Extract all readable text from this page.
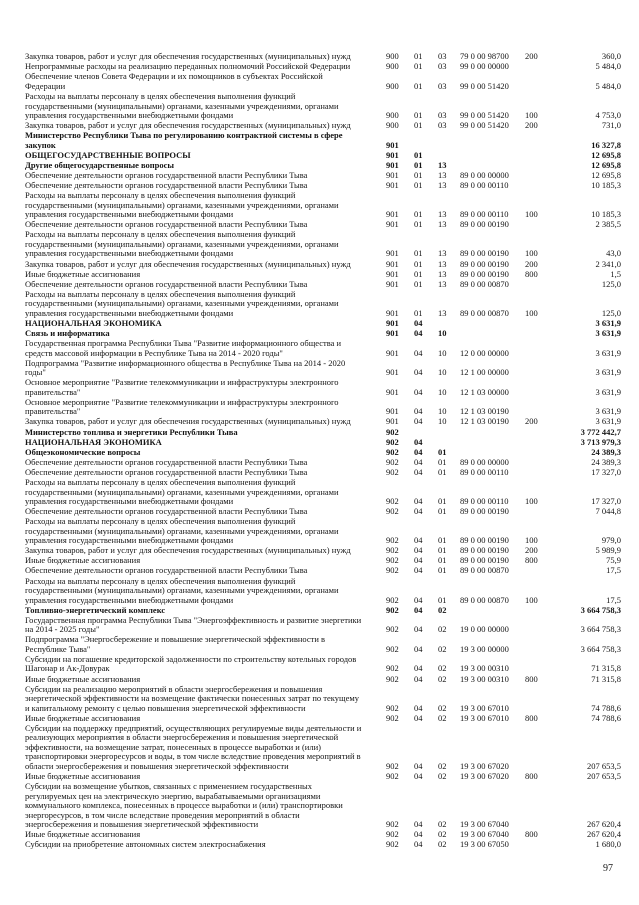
Закупка товаров, работ и услуг для обеспечения государственных (муниципальных) нужд	900	01	03	79 0 00 98700	200	360,0
Непрограммные расходы на реализацию переданных полномочий Российской Федерации	900	01	03	99 0 00 00000		5 484,0
Обеспечение членов Совета Федерации и их помощников в субъектах Российской
Федерации	900	01	03	99 0 00 51420		5 484,0
Расходы на выплаты персоналу в целях обеспечения выполнения функций
государственными (муниципальными) органами, казенными учреждениями, органами
управления государственными внебюджетными фондами	900	01	03	99 0 00 51420	100	4 753,0
Закупка товаров, работ и услуг для обеспечения государственных (муниципальных) нужд	900	01	03	99 0 00 51420	200	731,0
Министерство Республики Тыва по регулированию контрактной системы в сфере
закупок	901					16 327,8
ОБЩЕГОСУДАРСТВЕННЫЕ ВОПРОСЫ	901	01				12 695,8
Другие общегосударственные вопросы	901	01	13			12 695,8
Обеспечение деятельности органов государственной власти Республики Тыва	901	01	13	89 0 00 00000		12 695,8
Обеспечение деятельности органов государственной власти Республики Тыва	901	01	13	89 0 00 00110		10 185,3
Расходы на выплаты персоналу в целях обеспечения выполнения функций
государственными (муниципальными) органами, казенными учреждениями, органами
управления государственными внебюджетными фондами	901	01	13	89 0 00 00110	100	10 185,3
Обеспечение деятельности органов государственной власти Республики Тыва	901	01	13	89 0 00 00190		2 385,5
Расходы на выплаты персоналу в целях обеспечения выполнения функций
государственными (муниципальными) органами, казенными учреждениями, органами
управления государственными внебюджетными фондами	901	01	13	89 0 00 00190	100	43,0
Закупка товаров, работ и услуг для обеспечения государственных (муниципальных) нужд	901	01	13	89 0 00 00190	200	2 341,0
Иные бюджетные ассигнования	901	01	13	89 0 00 00190	800	1,5
Обеспечение деятельности органов государственной власти Республики Тыва	901	01	13	89 0 00 00870		125,0
Расходы на выплаты персоналу в целях обеспечения выполнения функций
государственными (муниципальными) органами, казенными учреждениями, органами
управления государственными внебюджетными фондами	901	01	13	89 0 00 00870	100	125,0
НАЦИОНАЛЬНАЯ ЭКОНОМИКА	901	04				3 631,9
Связь и информатика	901	04	10			3 631,9
Государственная программа Республики Тыва "Развитие информационного общества и
средств массовой информации в Республике Тыва на 2014 - 2020 годы"	901	04	10	12 0 00 00000		3 631,9
Подпрограмма "Развитие информационного общества в Республике Тыва на 2014 - 2020
годы"	901	04	10	12 1 00 00000		3 631,9
Основное мероприятие "Развитие телекоммуникации и инфраструктуры электронного
правительства"	901	04	10	12 1 03 00000		3 631,9
Основное мероприятие "Развитие телекоммуникации и инфраструктуры электронного
правительства"	901	04	10	12 1 03 00190		3 631,9
Закупка товаров, работ и услуг для обеспечения государственных (муниципальных) нужд	901	04	10	12 1 03 00190	200	3 631,9
Министерство топлива и энергетики Республики Тыва	902					3 772 442,7
НАЦИОНАЛЬНАЯ ЭКОНОМИКА	902	04				3 713 979,3
Общеэкономические вопросы	902	04	01			24 389,3
Обеспечение деятельности органов государственной власти Республики Тыва	902	04	01	89 0 00 00000		24 389,3
Обеспечение деятельности органов государственной власти Республики Тыва	902	04	01	89 0 00 00110		17 327,0
Расходы на выплаты персоналу в целях обеспечения выполнения функций
государственными (муниципальными) органами, казенными учреждениями, органами
управления государственными внебюджетными фондами	902	04	01	89 0 00 00110	100	17 327,0
Обеспечение деятельности органов государственной власти Республики Тыва	902	04	01	89 0 00 00190		7 044,8
Расходы на выплаты персоналу в целях обеспечения выполнения функций
государственными (муниципальными) органами, казенными учреждениями, органами
управления государственными внебюджетными фондами	902	04	01	89 0 00 00190	100	979,0
Закупка товаров, работ и услуг для обеспечения государственных (муниципальных) нужд	902	04	01	89 0 00 00190	200	5 989,9
Иные бюджетные ассигнования	902	04	01	89 0 00 00190	800	75,9
Обеспечение деятельности органов государственной власти Республики Тыва	902	04	01	89 0 00 00870		17,5
Расходы на выплаты персоналу в целях обеспечения выполнения функций
государственными (муниципальными) органами, казенными учреждениями, органами
управления государственными внебюджетными фондами	902	04	01	89 0 00 00870	100	17,5
Топливно-энергетический комплекс	902	04	02			3 664 758,3
Государственная программа Республики Тыва "Энергоэффективность и развитие энергетики
на 2014 - 2025 годы"	902	04	02	19 0 00 00000		3 664 758,3
Подпрограмма "Энергосбережение и повышение энергетической эффективности в
Республике Тыва"	902	04	02	19 3 00 00000		3 664 758,3
Субсидии на погашение кредиторской задолженности по строительству котельных городов
Шагонар и Ак-Довурак	902	04	02	19 3 00 00310		71 315,8
Иные бюджетные ассигнования	902	04	02	19 3 00 00310	800	71 315,8
Субсидии на реализацию мероприятий в области энергосбережения и повышения
энергетической эффективности на возмещение фактически понесенных затрат по текущему
и капитальному ремонту с целью повышения энергетической эффективности	902	04	02	19 3 00 67010		74 788,6
Иные бюджетные ассигнования	902	04	02	19 3 00 67010	800	74 788,6
Субсидии на поддержку предприятий, осуществляющих регулируемые виды деятельности и
реализующих мероприятия в области энергосбережения и повышения энергетической
эффективности, на возмещение затрат, понесенных в процессе выработки и (или)
транспортировки энергоресурсов и воды, в том числе вследствие проведения мероприятий в
области энергосбережения и повышения энергетической эффективности	902	04	02	19 3 00 67020		207 653,5
Иные бюджетные ассигнования	902	04	02	19 3 00 67020	800	207 653,5
Субсидии на возмещение убытков, связанных с применением государственных
регулируемых цен на электрическую энергию, вырабатываемыми организациями
коммунального комплекса, понесенных в процессе выработки и (или) транспортировки
энергоресурсов, в том числе вследствие проведения мероприятий в области
энергосбережения и повышения энергетической эффективности	902	04	02	19 3 00 67040		267 620,4
Иные бюджетные ассигнования	902	04	02	19 3 00 67040	800	267 620,4
Субсидии на приобретение автономных систем электроснабжения	902	04	02	19 3 00 67050		1 680,0
97
